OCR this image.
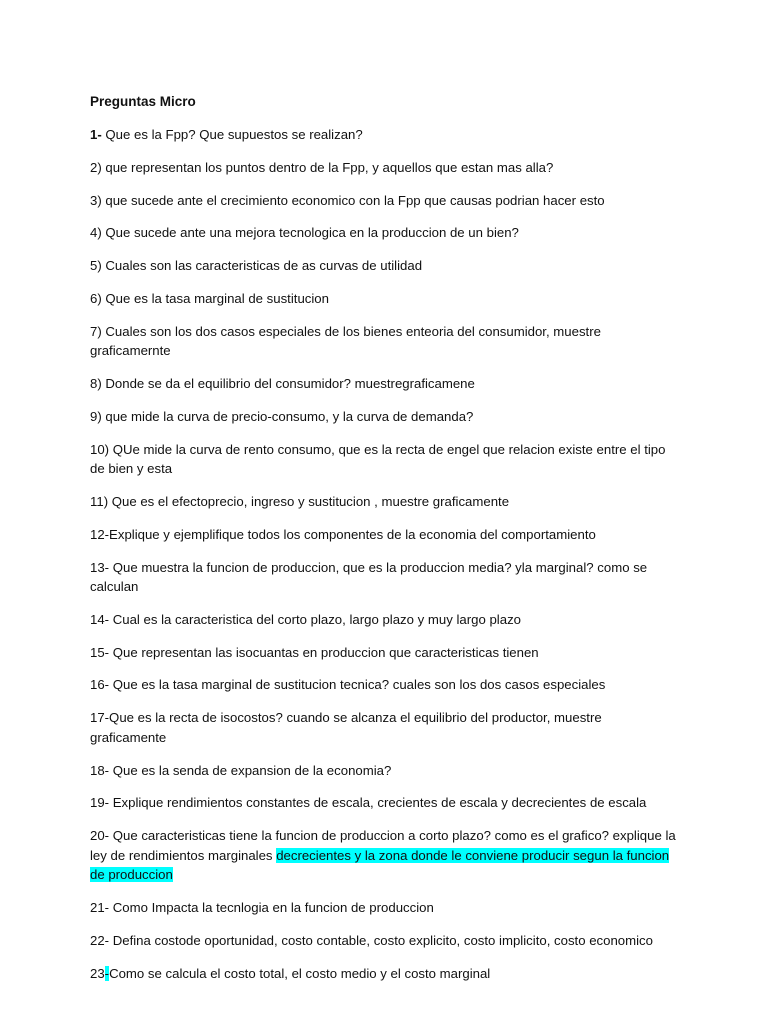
Preguntas Micro
1- Que es la Fpp? Que supuestos se realizan?
2) que representan los puntos dentro de la Fpp, y aquellos que estan mas alla?
3) que sucede ante el crecimiento economico con la Fpp que causas podrian hacer esto
4) Que sucede ante una mejora tecnologica en la produccion de un bien?
5) Cuales son las caracteristicas de as curvas de utilidad
6) Que es la tasa marginal de sustitucion
7) Cuales son los dos casos especiales de los bienes enteoria del consumidor, muestre graficamernte
8) Donde se da el equilibrio del consumidor? muestregraficamene
9) que mide la curva de precio-consumo, y la curva de demanda?
10) QUe mide la curva de rento consumo, que es la recta de engel que relacion existe entre el tipo de bien y esta
11) Que es el efectoprecio, ingreso y sustitucion , muestre graficamente
12-Explique y ejemplifique todos los componentes de la economia del comportamiento
13- Que muestra la funcion de produccion, que es la produccion media? yla marginal? como se calculan
14- Cual es la caracteristica del corto plazo, largo plazo y muy largo plazo
15- Que representan las isocuantas en produccion que caracteristicas tienen
16- Que es la tasa marginal de sustitucion tecnica? cuales son los dos casos especiales
17-Que es la recta de isocostos? cuando se alcanza el equilibrio del productor, muestre graficamente
18- Que es la senda de expansion de la economia?
19- Explique rendimientos constantes de escala, crecientes de escala y decrecientes de escala
20- Que caracteristicas tiene la funcion de produccion a corto plazo? como es el grafico? explique la ley de rendimientos marginales decrecientes y la zona donde le conviene producir segun la funcion de produccion
21- Como Impacta la tecnlogia en la funcion de produccion
22- Defina costode oportunidad, costo contable, costo explicito, costo implicito, costo economico
23-Como se calcula el costo total, el costo medio y el costo marginal
